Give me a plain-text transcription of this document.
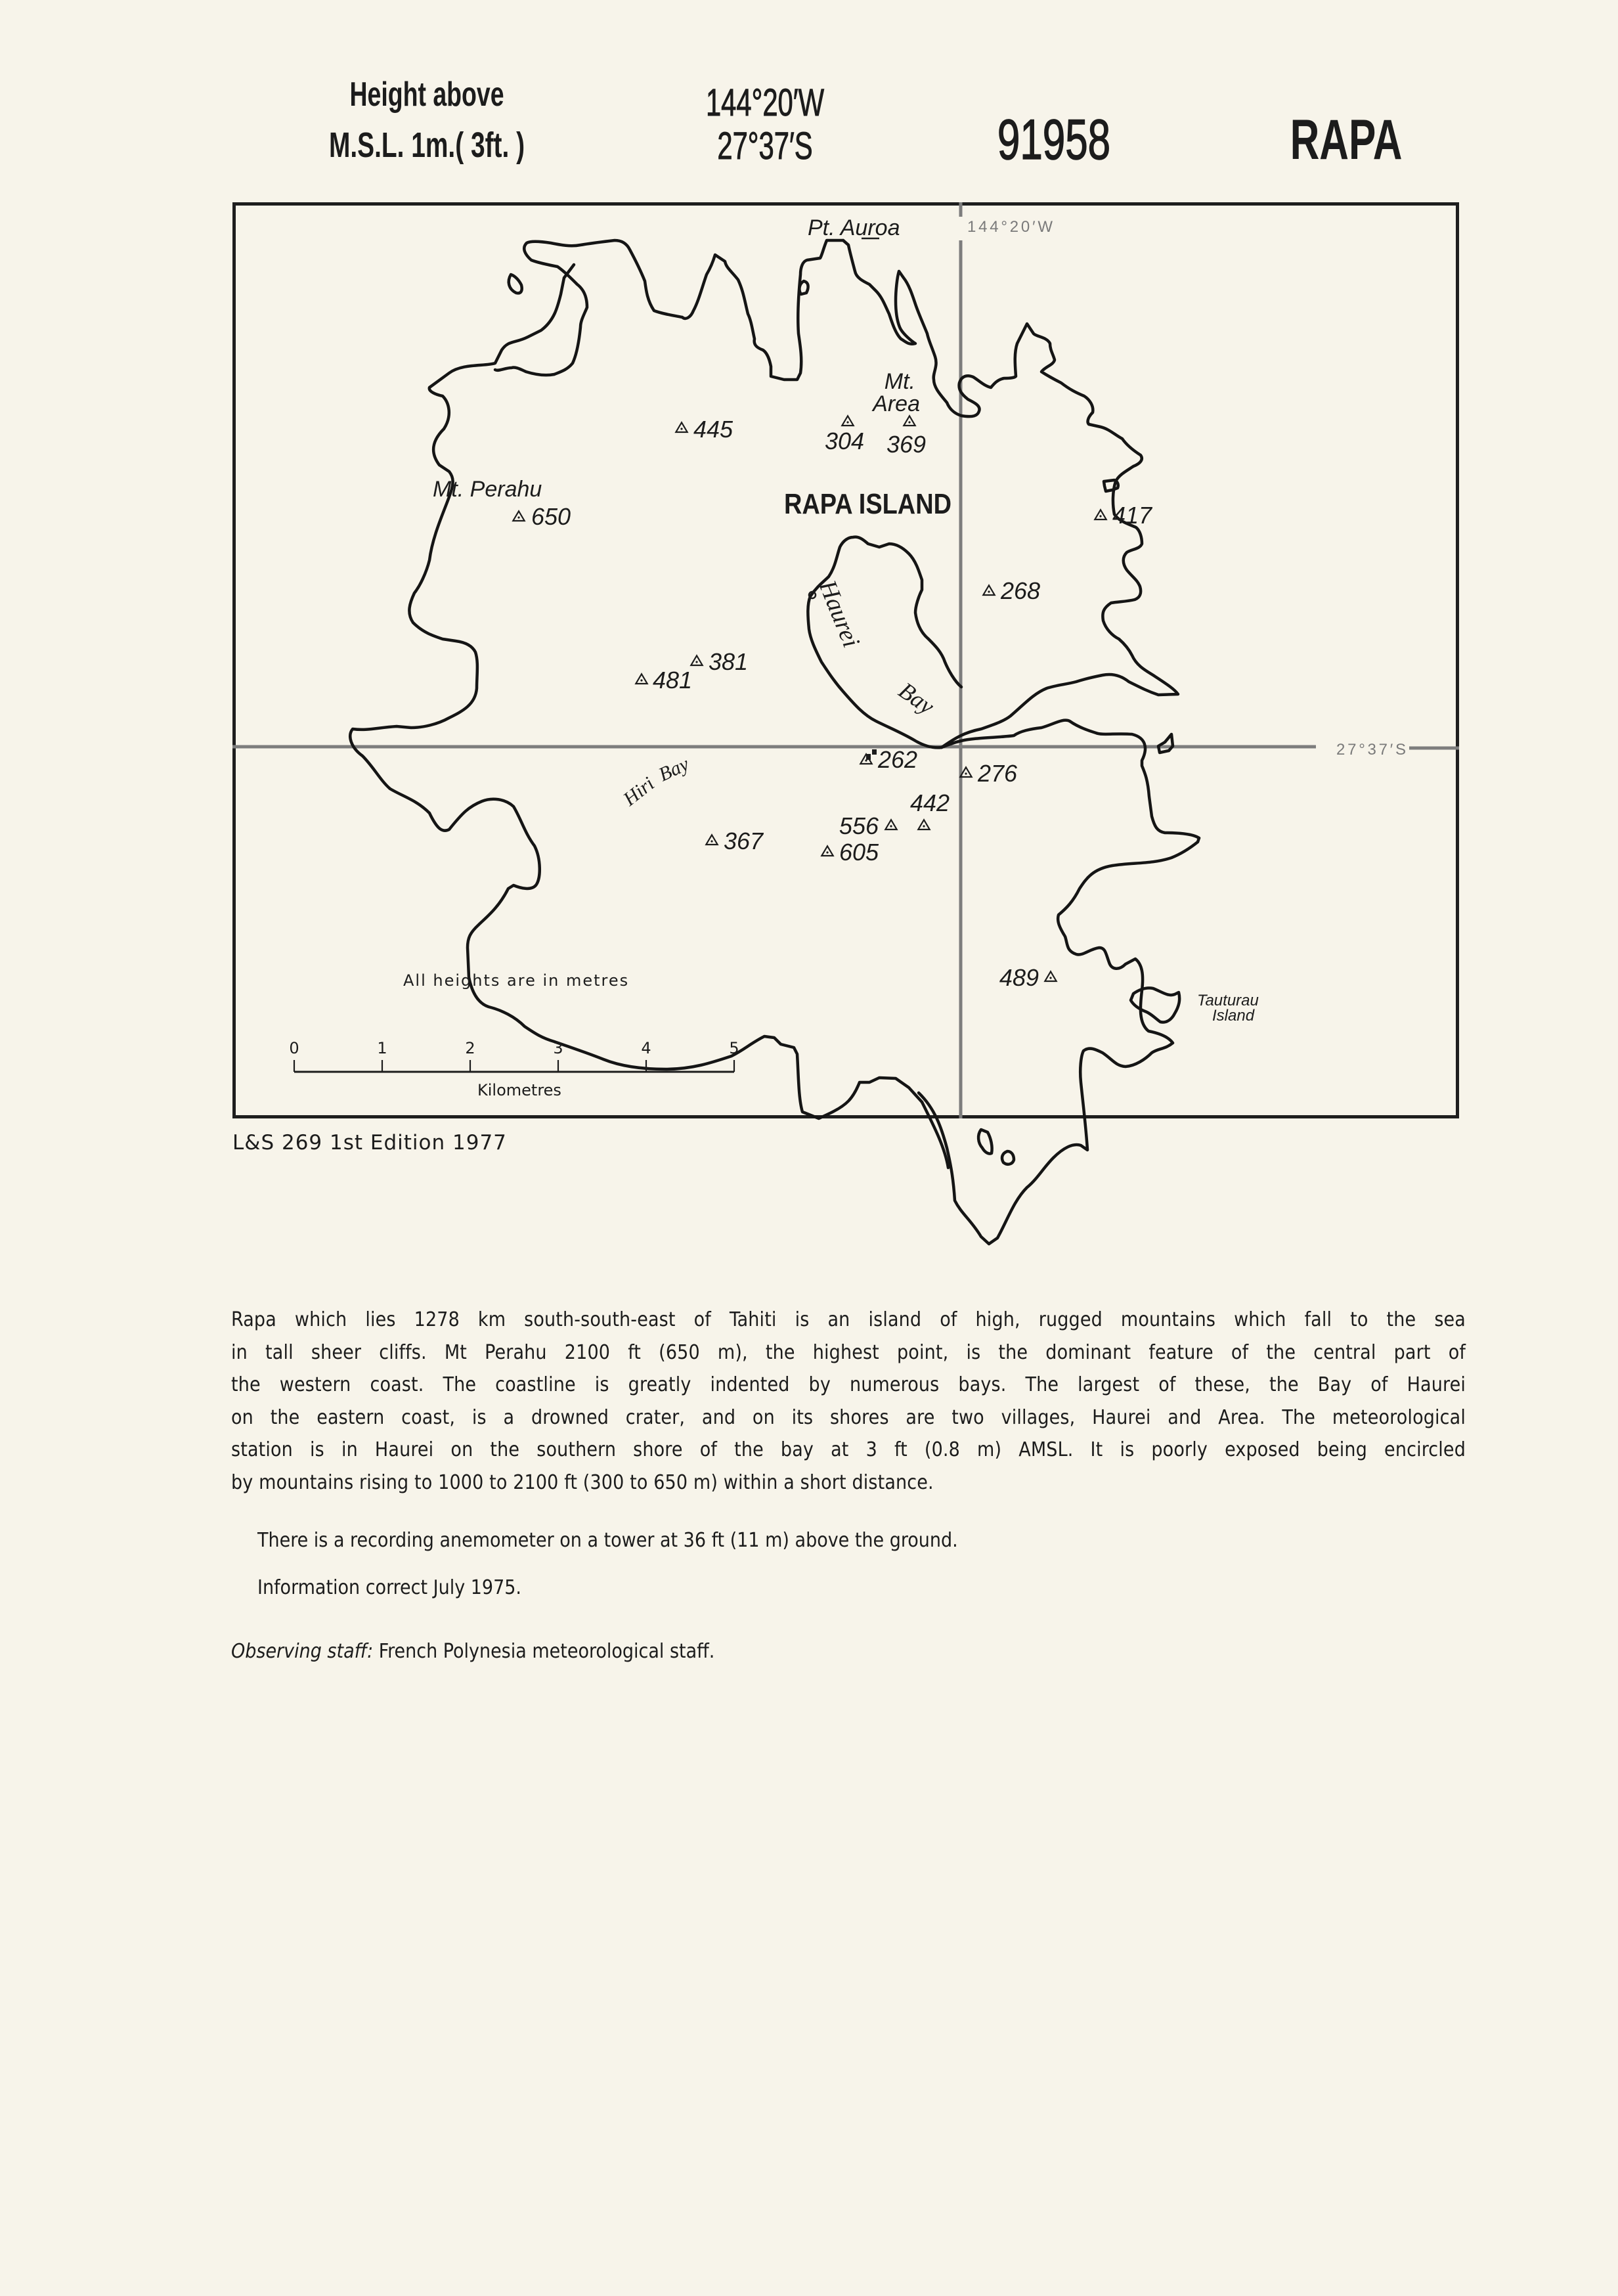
Height above
M.S.L. 1m.( 3ft. )
144°20′W
27°37′S	91958	RAPA
144°20′W
27°37′S
445	304 369
650	417
268
381
481
262
276
442
556
367	605
489
Pt. Auroa
Mt.
Area
Mt. Perahu	RAPA ISLAND
Haurei
Bay
Hiri
Bay
Tauturau
Island
All heights are in metres
0	1	2	3	4	5
Kilometres
L&S 269 1st Edition 1977
Rapa which lies 1278 km south-south-east of Tahiti is an island of high, rugged mountains which fall to the sea
in tall sheer cliffs. Mt Perahu 2100 ft (650 m), the highest point, is the dominant feature of the central part of
the western coast. The coastline is greatly indented by numerous bays. The largest of these, the Bay of Haurei
on the eastern coast, is a drowned crater, and on its shores are two villages, Haurei and Area. The meteorological
station is in Haurei on the southern shore of the bay at 3 ft (0.8 m) AMSL. It is poorly exposed being encircled
by mountains rising to 1000 to 2100 ft (300 to 650 m) within a short distance.
There is a recording anemometer on a tower at 36 ft (11 m) above the ground.
Information correct July 1975.
Observing staff: French Polynesia meteorological staff.
